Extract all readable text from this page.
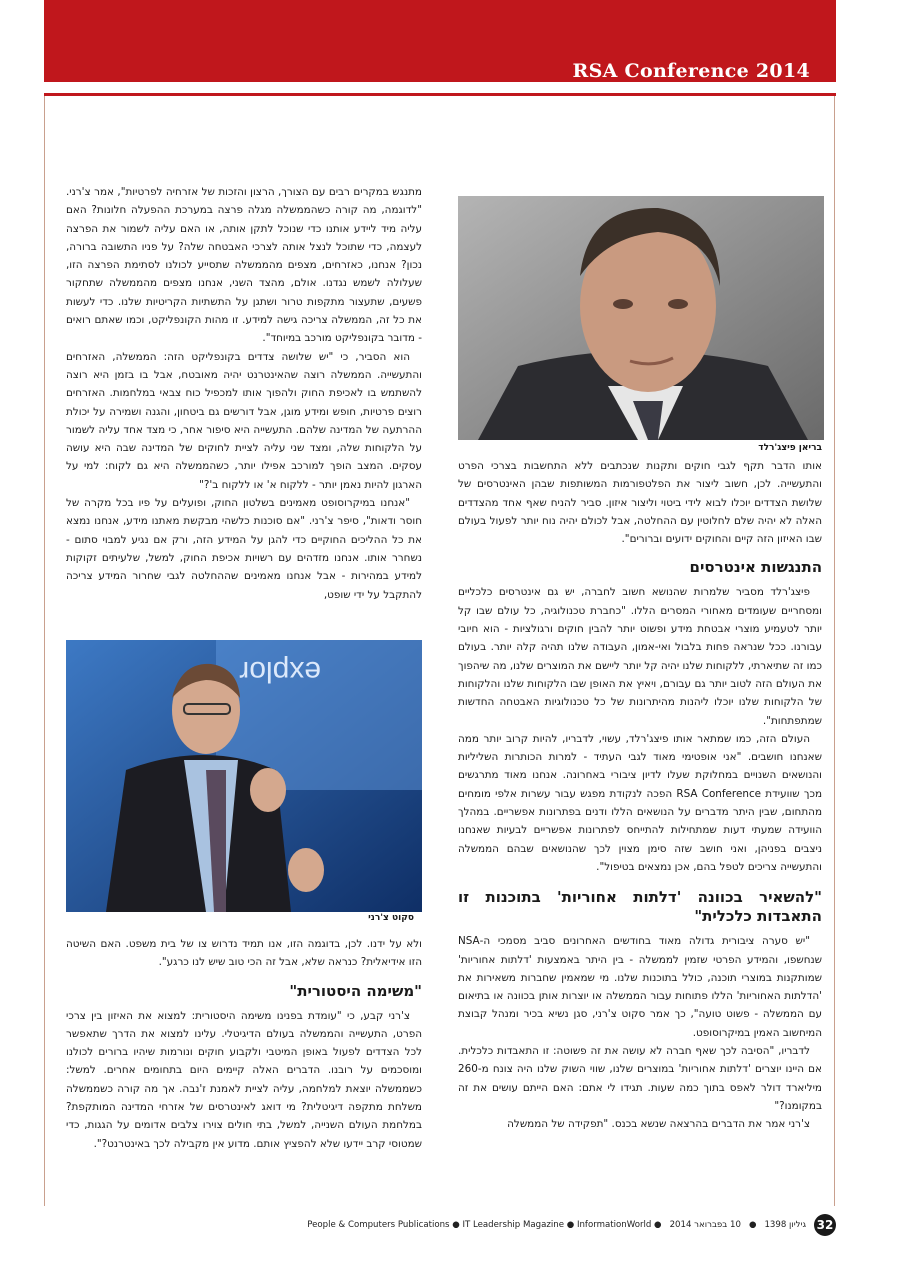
RSA Conference 2014
בריאן פיצג'רלד

אותו הדבר תקף לגבי חוקים ותקנות שנכתבים ללא התחשבות בצרכי הפרט והתעשייה. לכן, חשוב ליצור את הפלטפורמות המשותפות שבהן האינטרסים של שלושת הצדדים יוכלו לבוא לידי ביטוי וליצור איזון. סביר להניח שאף אחד מהצדדים האלה לא יהיה שלם לחלוטין עם ההחלטה, אבל לכולם יהיה נוח יותר לפעול בעולם שבו האיזון הזה קיים והחוקים ידועים וברורים".

התנגשות אינטרסים

פיצג'רלד מסביר שלמרות שהנושא חשוב לחברה, יש גם אינטרסים כלכליים ומסחריים שעומדים מאחורי המסרים הללו. "כחברת טכנולוגיה, כל עולם שבו קל יותר לטעמיע מוצרי אבטחת מידע ופשוט יותר להבין חוקים ורגולציות - הוא חיובי עבורנו. ככל שנראה פחות בלבול ואי-אמון, העבודה שלנו תהיה קלה יותר. בעולם כמו זה שתיארתי, ללקוחות שלנו יהיה קל יותר ליישם את המוצרים שלנו, מה שיהפוך את העולם הזה לטוב יותר גם עבורם, ויאיץ את האופן שבו הלקוחות שלנו והלקוחות של הלקוחות שלנו יוכלו ליהנות מהיתרונות של כל טכנולוגיות האבטחה החדשות שמתפתחות".

העולם הזה, כמו שמתאר אותו פיצג'רלד, עשוי, לדבריו, להיות קרוב יותר ממה שאנחנו חושבים. "אני אופטימי מאוד לגבי העתיד - למרות הכותרות השליליות והנושאים השנויים במחלוקת שעלו לדיון ציבורי באחרונה. אנחנו מאוד מתרגשים מכך שוועידת RSA Conference הפכה לנקודת מפגש עבור עשרות אלפי מומחים מהתחום, שבין היתר מדברים על הנושאים הללו ודנים בפתרונות אפשריים. במהלך הוועידה שמעתי דעות שמתחילות להתייחס לפתרונות אפשריים לבעיות שאנחנו ניצבים בפניהן, ואני חושב שזה סימן מצוין לכך שהנושאים שבהם הממשלה והתעשייה צריכים לטפל בהם, אכן נמצאים בטיפול".

"להשאיר בכוונה 'דלתות אחוריות' בתוכנות זו התאבדות כלכלית"

"יש סערה ציבורית גדולה מאוד בחודשים האחרונים סביב מסמכי ה-NSA שנחשפו, והמידע הפרטי שזמין לממשלה - בין היתר באמצעות 'דלתות אחוריות' שמותקנות במוצרי תוכנה, כולל בתוכנות שלנו. מי שמאמין שחברות משאירות את 'הדלתות האחוריות' הללו פתוחות עבור הממשלה או יוצרות אותן בכוונה או בתיאום עם הממשלה - פשוט טועה", כך אמר סקוט צ'רני, סגן נשיא בכיר ומנהל קבוצת המיחשוב האמין במיקרוסופט.

לדבריו, "הסיבה לכך שאף חברה לא עושה את זה פשוטה: זו התאבדות כלכלית. אם היינו יוצרים 'דלתות אחוריות' במוצרים שלנו, שווי השוק שלנו היה צונח מ-260 מיליארד דולר לאפס בתוך כמה שעות. תגידו לי אתם: האם הייתם עושים את זה במקומנו?"

צ'רני אמר את הדברים בהרצאה שנשא בכנס. "תפקידה של הממשלה

מתנגש במקרים רבים עם הצורך, הרצון והזכות של אזרחיה לפרטיות", אמר צ'רני. "לדוגמה, מה קורה כשהממשלה מגלה פרצה במערכת ההפעלה חלונות? האם עליה מיד ליידע אותנו כדי שנוכל לתקן אותה, או האם עליה לשמור את הפרצה לעצמה, כדי שתוכל לנצל אותה לצרכי האבטחה שלה? על פניו התשובה ברורה, נכון? אנחנו, כאזרחים, מצפים מהממשלה שתסייע לכולנו לסתימת הפרצה הזו, שעלולה לשמש נגדנו. אולם, מהצד השני, אנחנו מצפים מהממשלה שתחקור פשעים, שתעצור מתקפות טרור ושתגן על התשתיות הקריטיות שלנו. כדי לעשות את כל זה, הממשלה צריכה גישה למידע. זו מהות הקונפליקט, וכמו שאתם רואים - מדובר בקונפליקט מורכב במיוחד".

הוא הסביר, כי "יש שלושה צדדים בקונפליקט הזה: הממשלה, האזרחים והתעשייה. הממשלה רוצה שהאינטרנט יהיה מאובטח, אבל בו בזמן היא רוצה להשתמש בו לאכיפת החוק ולהפוך אותו למכפיל כוח צבאי במלחמות. האזרחים רוצים פרטיות, חופש ומידע מוגן, אבל דורשים גם ביטחון, והגנה ושמירה על יכולת ההרתעה של המדינה שלהם. התעשייה היא סיפור אחר, כי מצד אחד עליה לשמור על הלקוחות שלה, ומצד שני עליה לציית לחוקים של המדינה שבה היא עושה עסקים. המצב הופך למורכב אפילו יותר, כשהממשלה היא גם לקוח: למי על הארגון להיות נאמן יותר - ללקוח א' או ללקוח ב'?"

"אנחנו במיקרוסופט מאמינים בשלטון החוק, ופועלים על פיו בכל מקרה של חוסר ודאות", סיפר צ'רני. "אם סוכנות כלשהי מבקשת מאתנו מידע, אנחנו נמצא את כל ההליכים החוקיים כדי להגן על המידע הזה, ורק אם נגיע למבוי סתום - נשחרר אותו. אנחנו מזדהים עם רשויות אכיפת החוק, למשל, שלעיתים זקוקות למידע במהירות - אבל אנחנו מאמינים שההחלטה לגבי שחרור המידע צריכה להתקבל על ידי שופט,

explor
סקוט צ'רני

ולא על ידנו. לכן, בדוגמה הזו, אנו תמיד נדרוש צו של בית משפט. האם השיטה הזו אידיאלית? כנראה שלא, אבל זה הכי טוב שיש לנו כרגע".

"משימה היסטורית"

צ'רני קבע, כי "עומדת בפנינו משימה היסטורית: למצוא את האיזון בין צרכי הפרט, התעשייה והממשלה בעולם הדיגיטלי. עלינו למצוא את הדרך שתאפשר לכל הצדדים לפעול באופן המיטבי ולקבוע חוקים ונורמות שיהיו ברורים לכולנו ומוסכמים על רובנו. הדברים האלה קיימים היום בתחומים אחרים. למשל: כשממשלה יוצאת למלחמה, עליה לציית לאמנת ז'נבה. אך מה קורה כשממשלה משלחת מתקפה דיגיטלית? מי דואג לאינטרסים של אזרחי המדינה המותקפת? במלחמת העולם השנייה, למשל, בתי חולים צוירו צלבים אדומים על הגגות, כדי שמטוסי קרב יידעו שלא להפציץ אותם. מדוע אין מקבילה לכך באינטרנט?".

People & Computers Publications ● IT Leadership Magazine ● InformationWorld ● 10 בפברואר 2014 ● גיליון 1398 32
